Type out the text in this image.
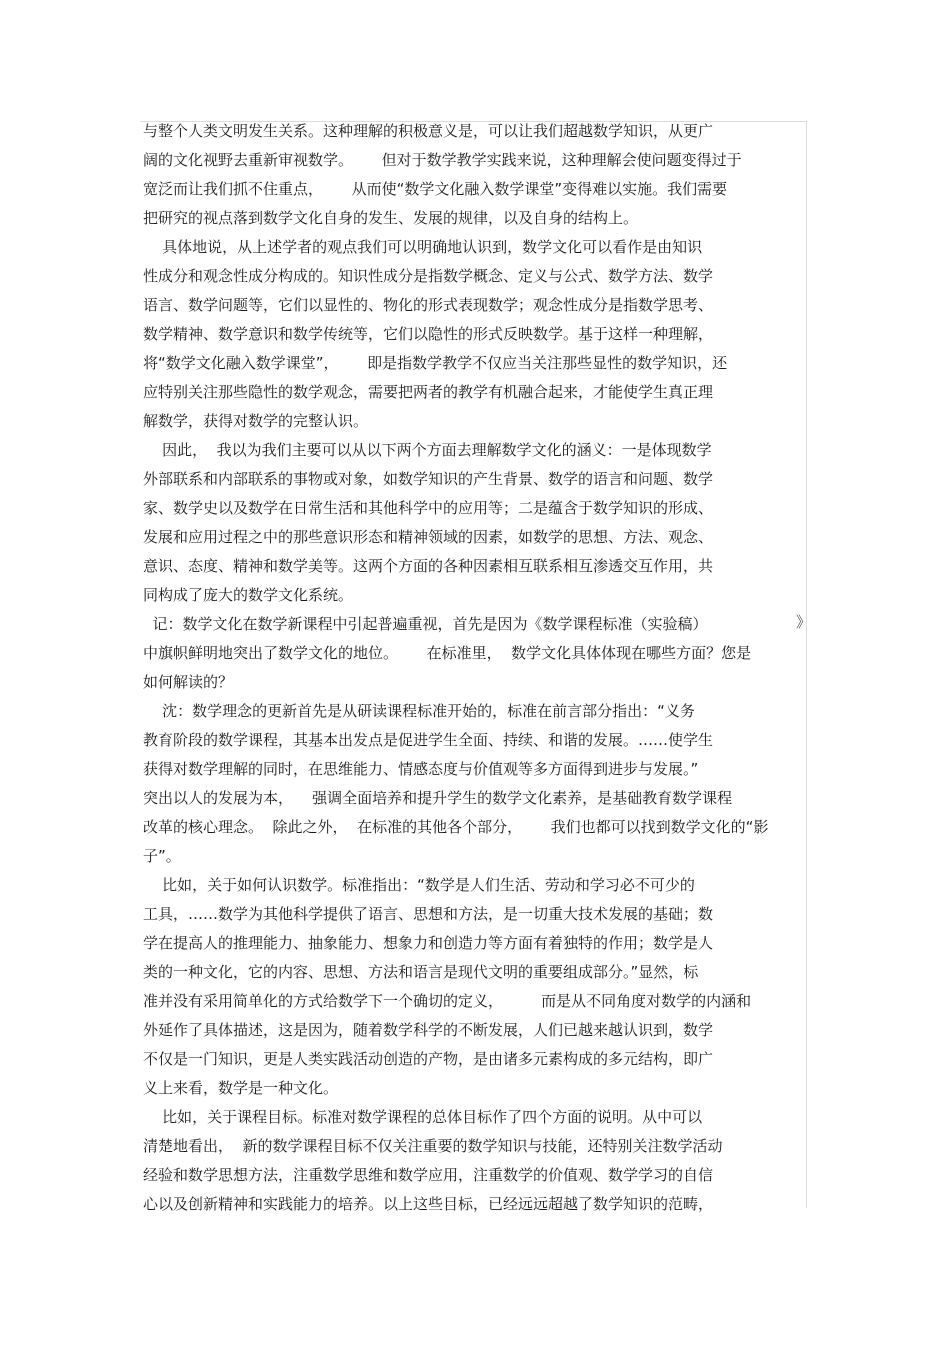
与整个人类文明发生关系。这种理解的积极意义是，可以让我们超越数学知识，从更广
阔的文化视野去重新审视数学。      但对于数学教学实践来说，这种理解会使问题变得过于
宽泛而让我们抓不住重点，      从而使“数学文化融入数学课堂”变得难以实施。我们需要
把研究的视点落到数学文化自身的发生、发展的规律，以及自身的结构上。
具体地说，从上述学者的观点我们可以明确地认识到，数学文化可以看作是由知识
性成分和观念性成分构成的。知识性成分是指数学概念、定义与公式、数学方法、数学
语言、数学问题等，它们以显性的、物化的形式表现数学；观念性成分是指数学思考、
数学精神、数学意识和数学传统等，它们以隐性的形式反映数学。基于这样一种理解，
将“数学文化融入数学课堂”，      即是指数学教学不仅应当关注那些显性的数学知识，还
应特别关注那些隐性的数学观念，需要把两者的教学有机融合起来，才能使学生真正理
解数学，获得对数学的完整认识。
因此，  我以为我们主要可以从以下两个方面去理解数学文化的涵义：一是体现数学
外部联系和内部联系的事物或对象，如数学知识的产生背景、数学的语言和问题、数学
家、数学史以及数学在日常生活和其他科学中的应用等；二是蕴含于数学知识的形成、
发展和应用过程之中的那些意识形态和精神领域的因素，如数学的思想、方法、观念、
意识、态度、精神和数学美等。这两个方面的各种因素相互联系相互渗透交互作用，共
同构成了庞大的数学文化系统。
记：数学文化在数学新课程中引起普遍重视，首先是因为《数学课程标准（实验稿）
中旗帜鲜明地突出了数学文化的地位。      在标准里，  数学文化具体体现在哪些方面？您是
如何解读的？
沈：数学理念的更新首先是从研读课程标准开始的，标准在前言部分指出：“义务
教育阶段的数学课程，其基本出发点是促进学生全面、持续、和谐的发展。……使学生
获得对数学理解的同时，在思维能力、情感态度与价值观等多方面得到进步与发展。”
突出以人的发展为本，    强调全面培养和提升学生的数学文化素养，是基础教育数学课程
改革的核心理念。  除此之外，  在标准的其他各个部分，      我们也都可以找到数学文化的“影
子”。
比如，关于如何认识数学。标准指出：“数学是人们生活、劳动和学习必不可少的
工具，……数学为其他科学提供了语言、思想和方法，是一切重大技术发展的基础；数
学在提高人的推理能力、抽象能力、想象力和创造力等方面有着独特的作用；数学是人
类的一种文化，它的内容、思想、方法和语言是现代文明的重要组成部分。”显然，标
准并没有采用简单化的方式给数学下一个确切的定义，        而是从不同角度对数学的内涵和
外延作了具体描述，这是因为，随着数学科学的不断发展，人们已越来越认识到，数学
不仅是一门知识，更是人类实践活动创造的产物，是由诸多元素构成的多元结构，即广
义上来看，数学是一种文化。
比如，关于课程目标。标准对数学课程的总体目标作了四个方面的说明。从中可以
清楚地看出，  新的数学课程目标不仅关注重要的数学知识与技能，还特别关注数学活动
经验和数学思想方法，注重数学思维和数学应用，注重数学的价值观、数学学习的自信
心以及创新精神和实践能力的培养。以上这些目标，已经远远超越了数学知识的范畴，
》
